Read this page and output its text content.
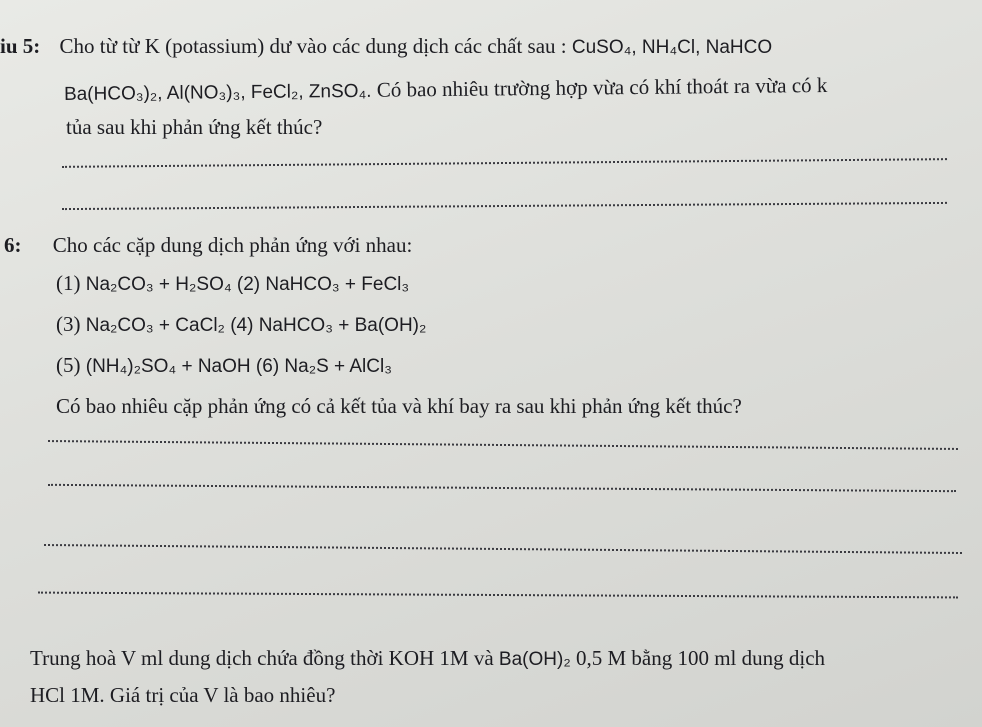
iu 5: Cho từ từ K (potassium) dư vào các dung dịch các chất sau : CuSO₄, NH₄Cl, NaHCO
Ba(HCO₃)₂, Al(NO₃)₃, FeCl₂, ZnSO₄. Có bao nhiêu trường hợp vừa có khí thoát ra vừa có k
tủa sau khi phản ứng kết thúc?
6: Cho các cặp dung dịch phản ứng với nhau:
(1) Na₂CO₃ + H₂SO₄ (2) NaHCO₃ + FeCl₃
(3) Na₂CO₃ + CaCl₂ (4) NaHCO₃ + Ba(OH)₂
(5) (NH₄)₂SO₄ + NaOH (6) Na₂S + AlCl₃
Có bao nhiêu cặp phản ứng có cả kết tủa và khí bay ra sau khi phản ứng kết thúc?
Trung hoà V ml dung dịch chứa đồng thời KOH 1M và Ba(OH)₂ 0,5 M bằng 100 ml dung dịch
HCl 1M. Giá trị của V là bao nhiêu?
